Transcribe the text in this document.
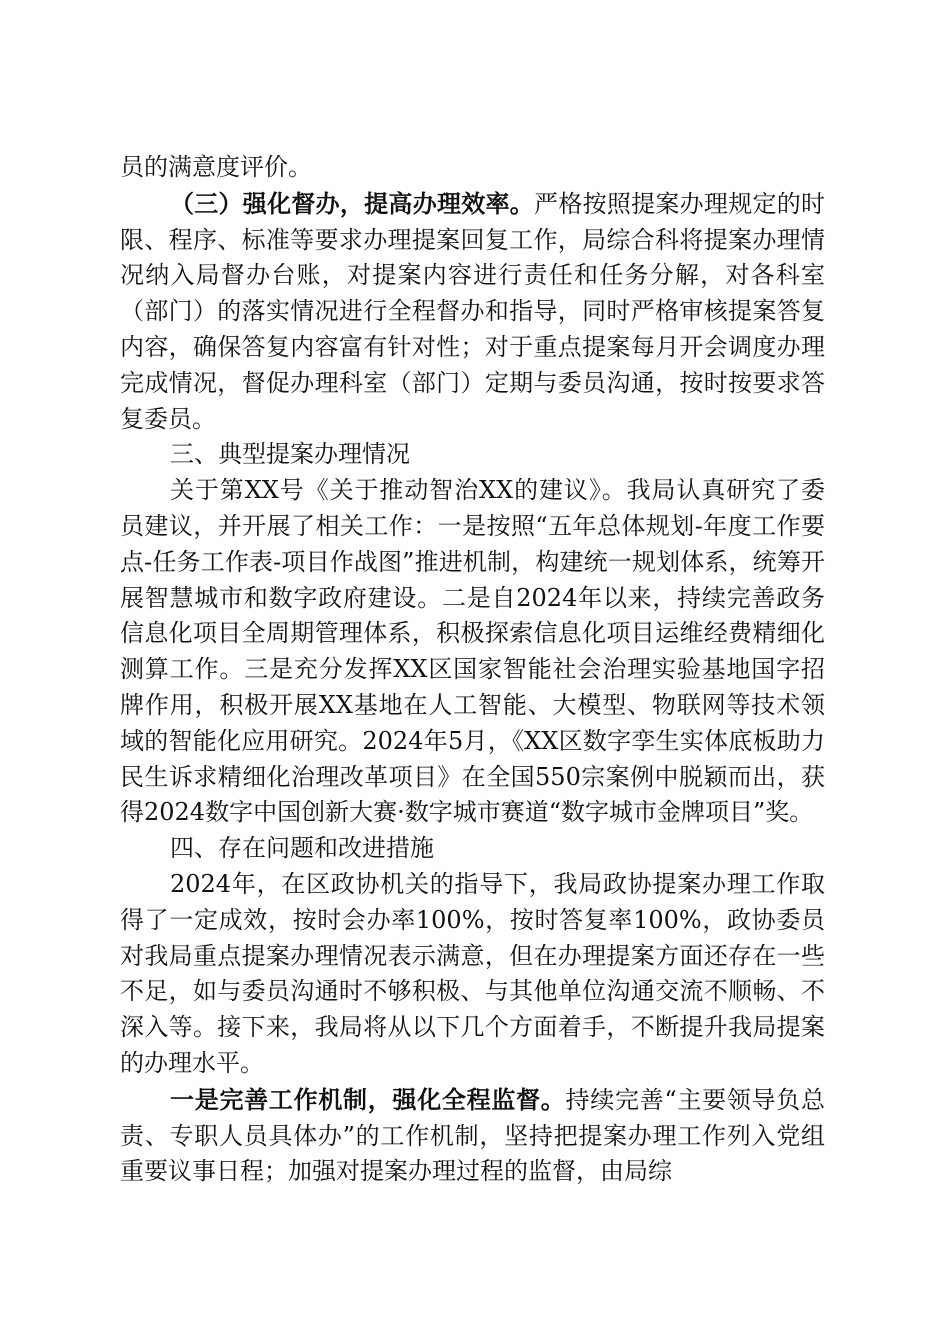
员的满意度评价。

（三）强化督办，提高办理效率。严格按照提案办理规定的时限、程序、标准等要求办理提案回复工作，局综合科将提案办理情况纳入局督办台账，对提案内容进行责任和任务分解，对各科室（部门）的落实情况进行全程督办和指导，同时严格审核提案答复内容，确保答复内容富有针对性；对于重点提案每月开会调度办理完成情况，督促办理科室（部门）定期与委员沟通，按时按要求答复委员。

三、典型提案办理情况

关于第XX号《关于推动智治XX的建议》。我局认真研究了委员建议，并开展了相关工作：一是按照“五年总体规划-年度工作要点-任务工作表-项目作战图”推进机制，构建统一规划体系，统筹开展智慧城市和数字政府建设。二是自2024年以来，持续完善政务信息化项目全周期管理体系，积极探索信息化项目运维经费精细化测算工作。三是充分发挥XX区国家智能社会治理实验基地国字招牌作用，积极开展XX基地在人工智能、大模型、物联网等技术领域的智能化应用研究。2024年5月，《XX区数字孪生实体底板助力民生诉求精细化治理改革项目》在全国550宗案例中脱颖而出，获得2024数字中国创新大赛·数字城市赛道“数字城市金牌项目”奖。

四、存在问题和改进措施

2024年，在区政协机关的指导下，我局政协提案办理工作取得了一定成效，按时会办率100%，按时答复率100%，政协委员对我局重点提案办理情况表示满意，但在办理提案方面还存在一些不足，如与委员沟通时不够积极、与其他单位沟通交流不顺畅、不深入等。接下来，我局将从以下几个方面着手，不断提升我局提案的办理水平。

一是完善工作机制，强化全程监督。持续完善“主要领导负总责、专职人员具体办”的工作机制，坚持把提案办理工作列入党组重要议事日程；加强对提案办理过程的监督，由局综
